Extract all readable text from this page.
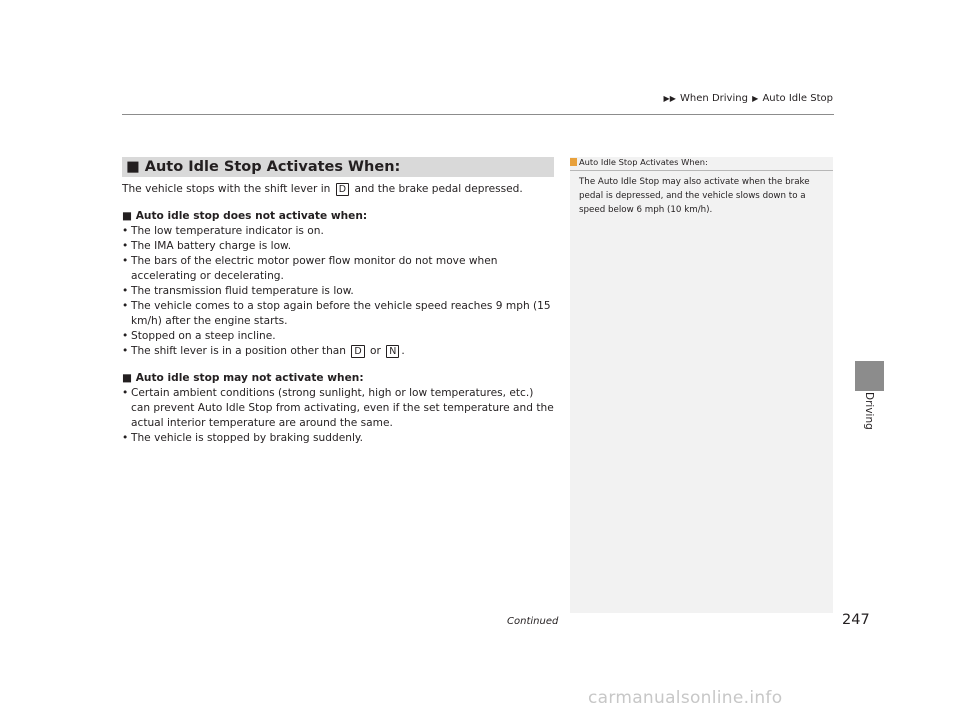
▶▶ When Driving ▶ Auto Idle Stop
■ Auto Idle Stop Activates When:

The vehicle stops with the shift lever in D and the brake pedal depressed.

■ Auto idle stop does not activate when:

• The low temperature indicator is on.
• The IMA battery charge is low.
• The bars of the electric motor power flow monitor do not move when accelerating or decelerating.
• The transmission fluid temperature is low.
• The vehicle comes to a stop again before the vehicle speed reaches 9 mph (15 km/h) after the engine starts.
• Stopped on a steep incline.
• The shift lever is in a position other than D or N .

■ Auto idle stop may not activate when:

• Certain ambient conditions (strong sunlight, high or low temperatures, etc.) can prevent Auto Idle Stop from activating, even if the set temperature and the actual interior temperature are around the same.
• The vehicle is stopped by braking suddenly.
Auto Idle Stop Activates When:
The Auto Idle Stop may also activate when the brake pedal is depressed, and the vehicle slows down to a speed below 6 mph (10 km/h).
Driving
Continued	247
carmanualsonline.info
